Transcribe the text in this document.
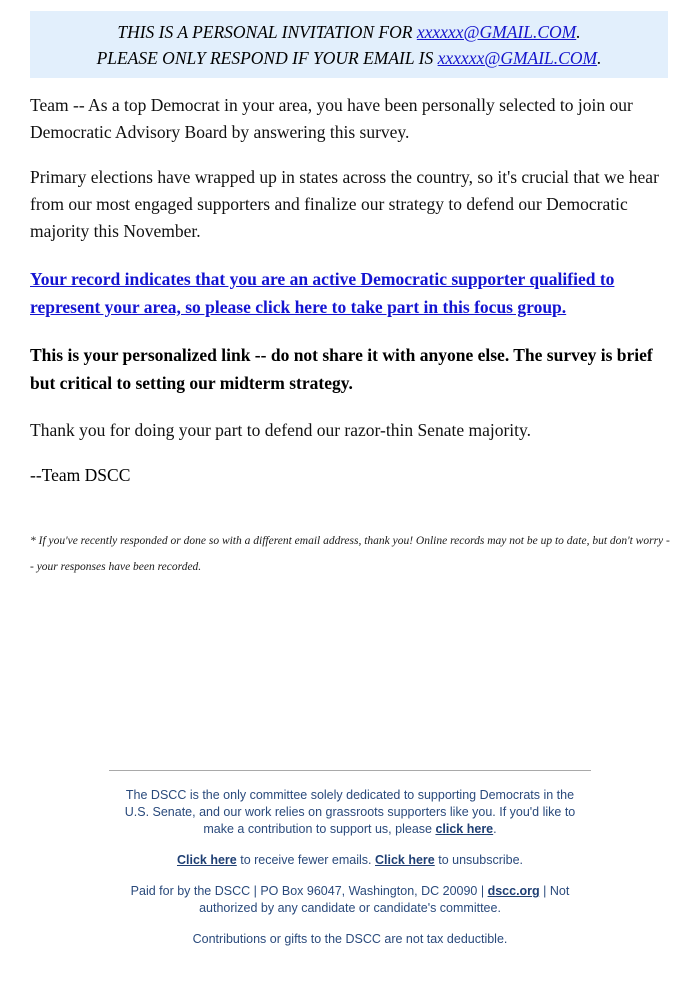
THIS IS A PERSONAL INVITATION FOR xxxxxx@GMAIL.COM.
PLEASE ONLY RESPOND IF YOUR EMAIL IS xxxxxx@GMAIL.COM.

Team -- As a top Democrat in your area, you have been personally selected to join our Democratic Advisory Board by answering this survey.

Primary elections have wrapped up in states across the country, so it's crucial that we hear from our most engaged supporters and finalize our strategy to defend our Democratic majority this November.

Your record indicates that you are an active Democratic supporter qualified to represent your area, so please click here to take part in this focus group.

This is your personalized link -- do not share it with anyone else. The survey is brief but critical to setting our midterm strategy.

Thank you for doing your part to defend our razor-thin Senate majority.

--Team DSCC

* If you've recently responded or done so with a different email address, thank you! Online records may not be up to date, but don't worry -- your responses have been recorded.

The DSCC is the only committee solely dedicated to supporting Democrats in the U.S. Senate, and our work relies on grassroots supporters like you. If you'd like to make a contribution to support us, please click here.

Click here to receive fewer emails. Click here to unsubscribe.

Paid for by the DSCC | PO Box 96047, Washington, DC 20090 | dscc.org | Not authorized by any candidate or candidate's committee.

Contributions or gifts to the DSCC are not tax deductible.
